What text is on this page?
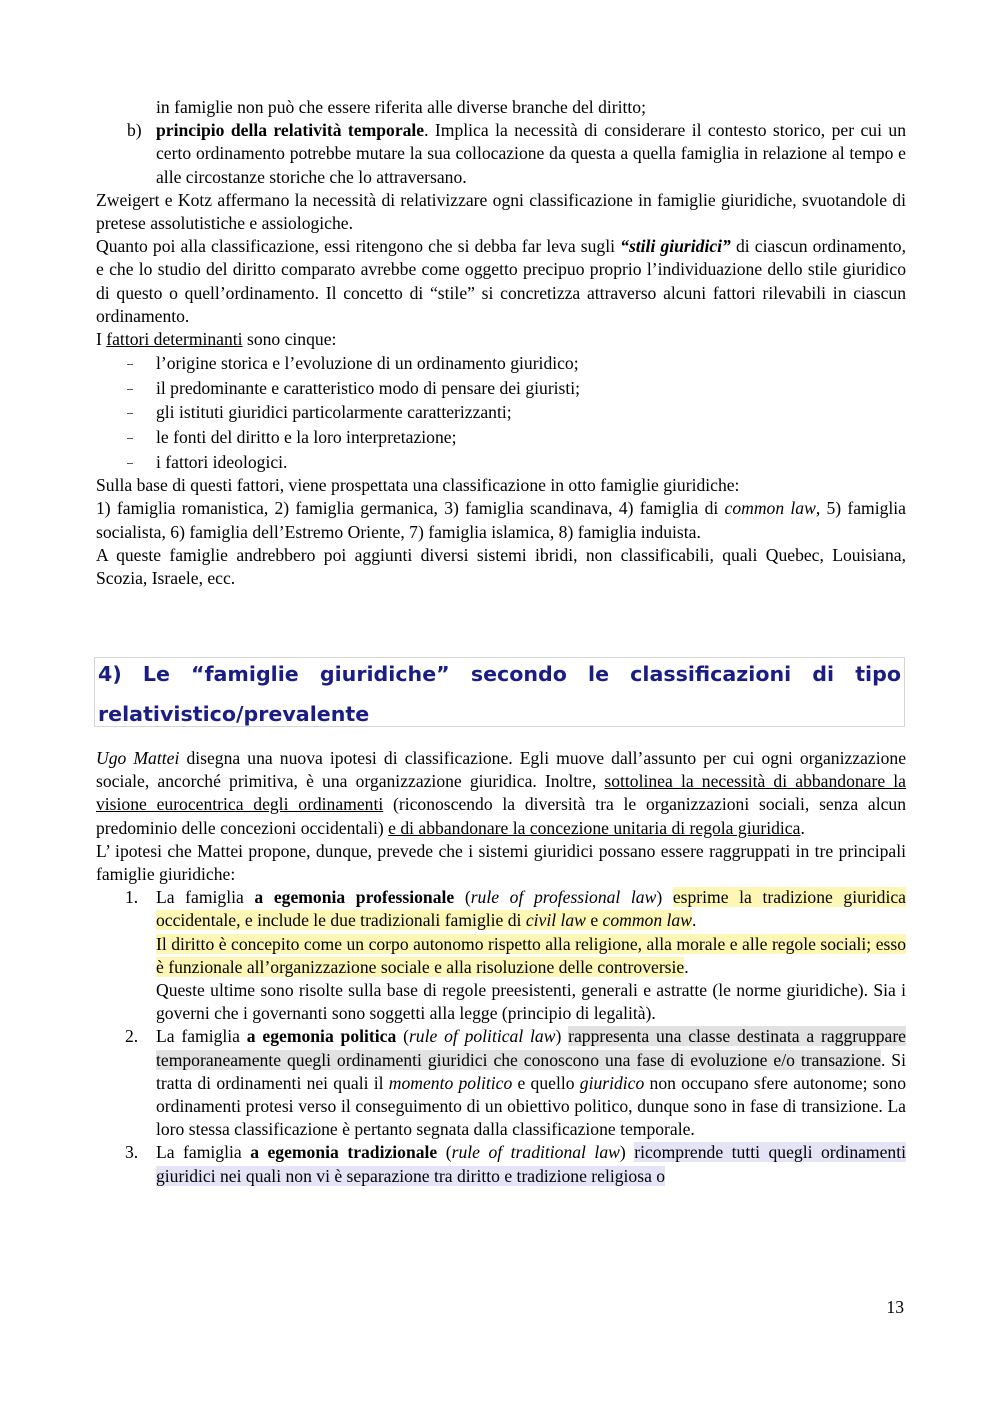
in famiglie non può che essere riferita alle diverse branche del diritto;

b) principio della relatività temporale. Implica la necessità di considerare il contesto storico, per cui un certo ordinamento potrebbe mutare la sua collocazione da questa a quella famiglia in relazione al tempo e alle circostanze storiche che lo attraversano.

Zweigert e Kotz affermano la necessità di relativizzare ogni classificazione in famiglie giuridiche, svuotandole di pretese assolutistiche e assiologiche.

Quanto poi alla classificazione, essi ritengono che si debba far leva sugli “stili giuridici” di ciascun ordinamento, e che lo studio del diritto comparato avrebbe come oggetto precipuo proprio l’individuazione dello stile giuridico di questo o quell’ordinamento. Il concetto di “stile” si concretizza attraverso alcuni fattori rilevabili in ciascun ordinamento.

I fattori determinanti sono cinque:

l’origine storica e l’evoluzione di un ordinamento giuridico;
il predominante e caratteristico modo di pensare dei giuristi;
gli istituti giuridici particolarmente caratterizzanti;
le fonti del diritto e la loro interpretazione;
i fattori ideologici.

Sulla base di questi fattori, viene prospettata una classificazione in otto famiglie giuridiche:

1) famiglia romanistica, 2) famiglia germanica, 3) famiglia scandinava, 4) famiglia di common law, 5) famiglia socialista, 6) famiglia dell’Estremo Oriente, 7) famiglia islamica, 8) famiglia induista.

A queste famiglie andrebbero poi aggiunti diversi sistemi ibridi, non classificabili, quali Quebec, Louisiana, Scozia, Israele, ecc.

4) Le “famiglie giuridiche” secondo le classificazioni di tipo relativistico/prevalente

Ugo Mattei disegna una nuova ipotesi di classificazione. Egli muove dall’assunto per cui ogni organizzazione sociale, ancorché primitiva, è una organizzazione giuridica. Inoltre, sottolinea la necessità di abbandonare la visione eurocentrica degli ordinamenti (riconoscendo la diversità tra le organizzazioni sociali, senza alcun predominio delle concezioni occidentali) e di abbandonare la concezione unitaria di regola giuridica.

L’ ipotesi che Mattei propone, dunque, prevede che i sistemi giuridici possano essere raggruppati in tre principali famiglie giuridiche:

1. La famiglia a egemonia professionale (rule of professional law) esprime la tradizione giuridica occidentale, e include le due tradizionali famiglie di civil law e common law.

Il diritto è concepito come un corpo autonomo rispetto alla religione, alla morale e alle regole sociali; esso è funzionale all’organizzazione sociale e alla risoluzione delle controversie.

Queste ultime sono risolte sulla base di regole preesistenti, generali e astratte (le norme giuridiche). Sia i governi che i governanti sono soggetti alla legge (principio di legalità).

2. La famiglia a egemonia politica (rule of political law) rappresenta una classe destinata a raggruppare temporaneamente quegli ordinamenti giuridici che conoscono una fase di evoluzione e/o transazione. Si tratta di ordinamenti nei quali il momento politico e quello giuridico non occupano sfere autonome; sono ordinamenti protesi verso il conseguimento di un obiettivo politico, dunque sono in fase di transizione. La loro stessa classificazione è pertanto segnata dalla classificazione temporale.

3. La famiglia a egemonia tradizionale (rule of traditional law) ricomprende tutti quegli ordinamenti giuridici nei quali non vi è separazione tra diritto e tradizione religiosa o

13
